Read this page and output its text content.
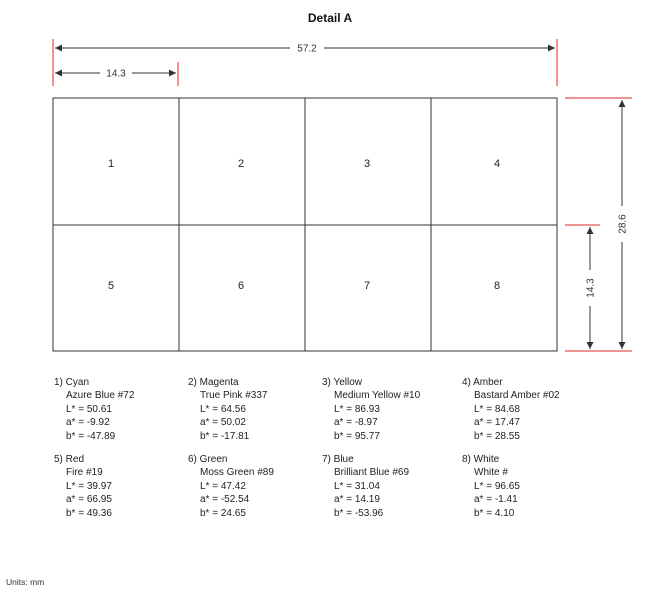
Detail A
57.2
14.3
1	2	3	4
5	6	7	8
28.6
14.3
1) Cyan
Azure Blue #72
L* = 50.61
a* = -9.92
b* = -47.89
2) Magenta
True Pink #337
L* = 64.56
a* = 50.02
b* = -17.81
3) Yellow
Medium Yellow #10
L* = 86.93
a* = -8.97
b* = 95.77
4) Amber
Bastard Amber #02
L* = 84.68
a* = 17.47
b* = 28.55
5) Red
Fire #19
L* = 39.97
a* = 66.95
b* = 49.36
6) Green
Moss Green #89
L* = 47.42
a* = -52.54
b* = 24.65
7) Blue
Brilliant Blue #69
L* = 31.04
a* = 14.19
b* = -53.96
8) White
White #
L* = 96.65
a* = -1.41
b* = 4.10
Units: mm
